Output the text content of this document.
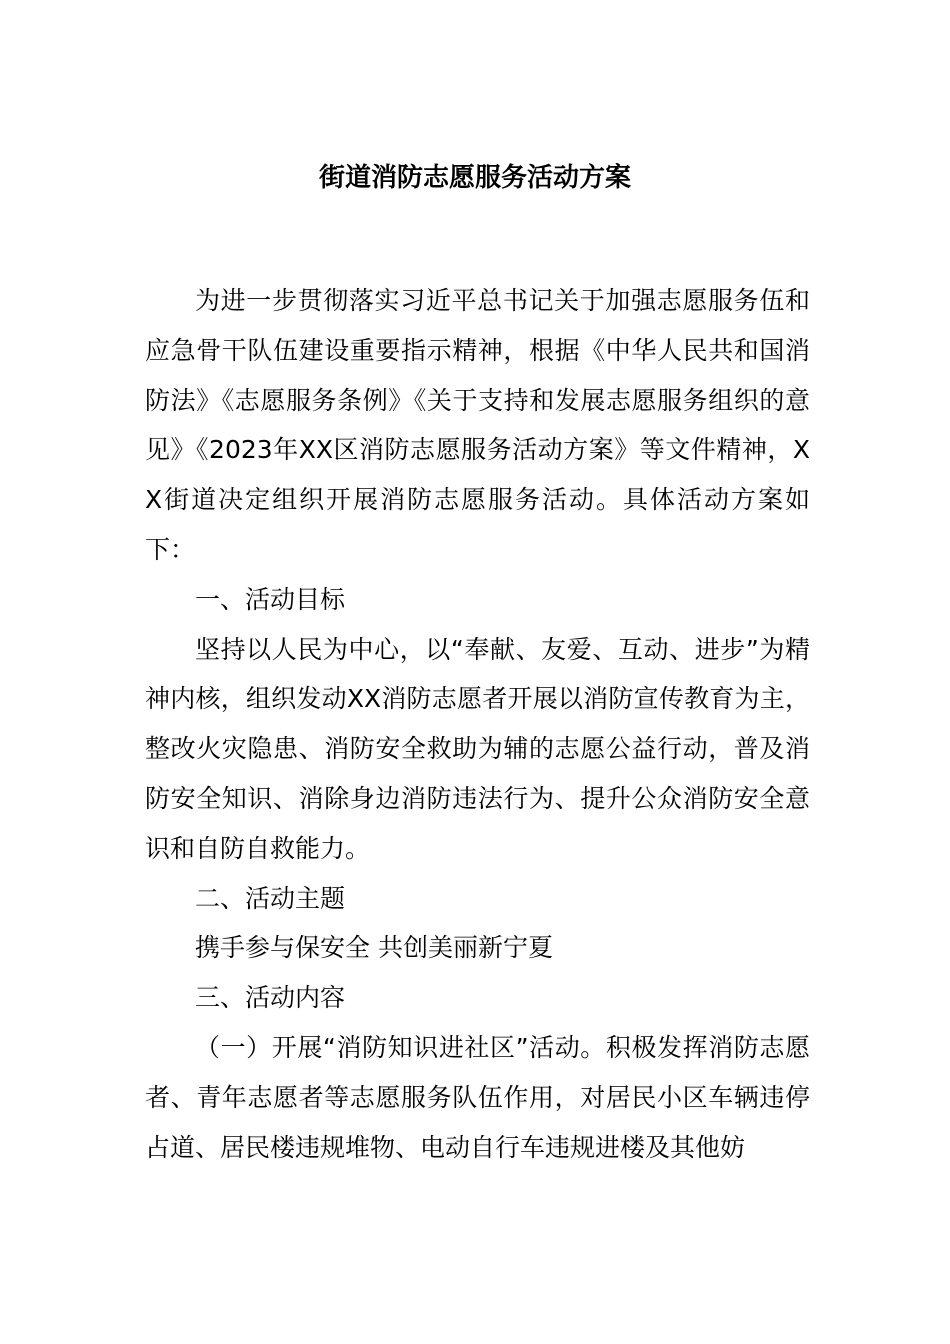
街道消防志愿服务活动方案

为进一步贯彻落实习近平总书记关于加强志愿服务伍和应急骨干队伍建设重要指示精神，根据《中华人民共和国消防法》《志愿服务条例》《关于支持和发展志愿服务组织的意见》《2023年XX区消防志愿服务活动方案》等文件精神，XX街道决定组织开展消防志愿服务活动。具体活动方案如下：

一、活动目标

坚持以人民为中心，以“奉献、友爱、互动、进步”为精神内核，组织发动XX消防志愿者开展以消防宣传教育为主，整改火灾隐患、消防安全救助为辅的志愿公益行动，普及消防安全知识、消除身边消防违法行为、提升公众消防安全意识和自防自救能力。

二、活动主题

携手参与保安全 共创美丽新宁夏

三、活动内容

（一）开展“消防知识进社区”活动。积极发挥消防志愿者、青年志愿者等志愿服务队伍作用，对居民小区车辆违停占道、居民楼违规堆物、电动自行车违规进楼及其他妨
